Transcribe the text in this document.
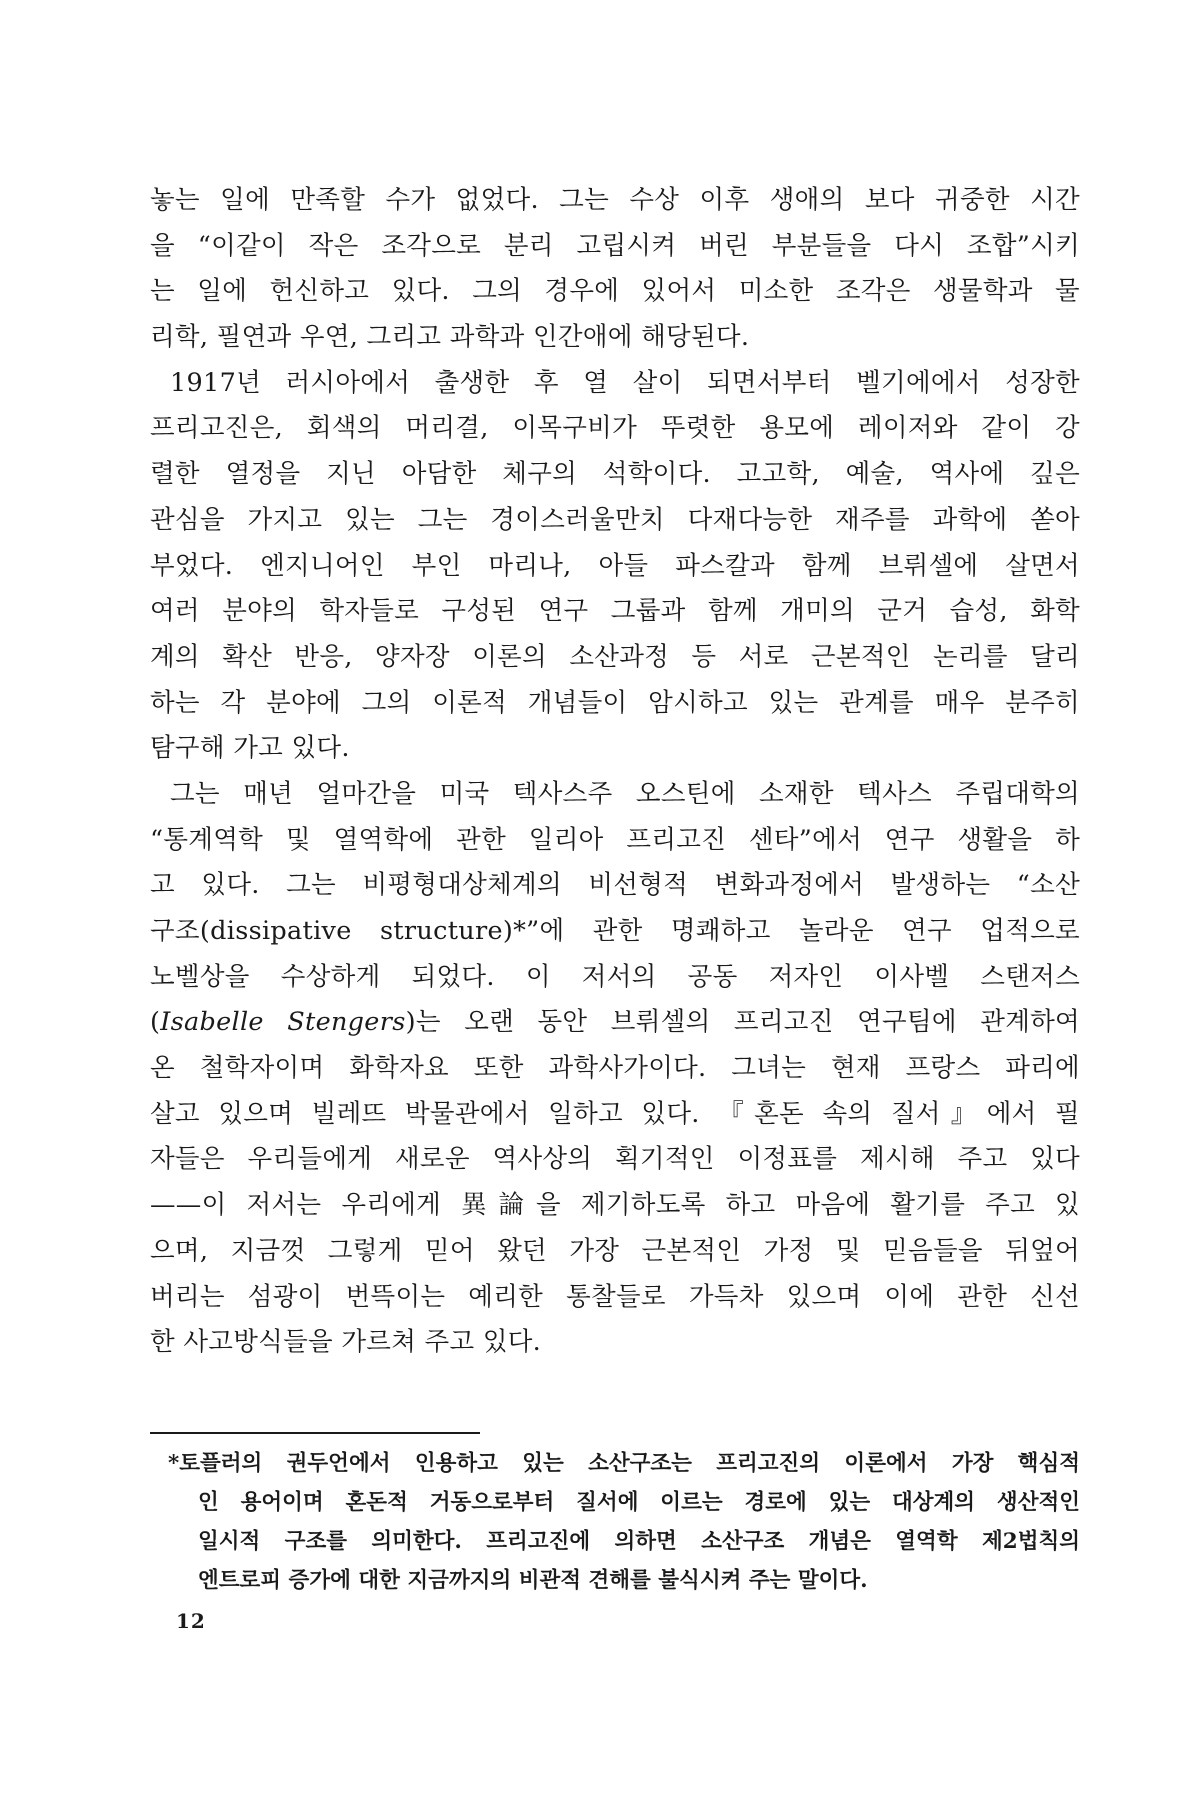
놓는 일에 만족할 수가 없었다. 그는 수상 이후 생애의 보다 귀중한 시간
을 “이같이 작은 조각으로 분리 고립시켜 버린 부분들을 다시 조합”시키
는 일에 헌신하고 있다. 그의 경우에 있어서 미소한 조각은 생물학과 물
리학, 필연과 우연, 그리고 과학과 인간애에 해당된다.
1917년 러시아에서 출생한 후 열 살이 되면서부터 벨기에에서 성장한
프리고진은, 회색의 머리결, 이목구비가 뚜렷한 용모에 레이저와 같이 강
렬한 열정을 지닌 아담한 체구의 석학이다. 고고학, 예술, 역사에 깊은
관심을 가지고 있는 그는 경이스러울만치 다재다능한 재주를 과학에 쏟아
부었다. 엔지니어인 부인 마리나, 아들 파스칼과 함께 브뤼셀에 살면서
여러 분야의 학자들로 구성된 연구 그룹과 함께 개미의 군거 습성, 화학
계의 확산 반응, 양자장 이론의 소산과정 등 서로 근본적인 논리를 달리
하는 각 분야에 그의 이론적 개념들이 암시하고 있는 관계를 매우 분주히
탐구해 가고 있다.
그는 매년 얼마간을 미국 텍사스주 오스틴에 소재한 텍사스 주립대학의
“통계역학 및 열역학에 관한 일리아 프리고진 센타”에서 연구 생활을 하
고 있다. 그는 비평형대상체계의 비선형적 변화과정에서 발생하는 “소산
구조(dissipative structure)*”에 관한 명쾌하고 놀라운 연구 업적으로
노벨상을 수상하게 되었다. 이 저서의 공동 저자인 이사벨 스탠저스
(Isabelle Stengers)는 오랜 동안 브뤼셀의 프리고진 연구팀에 관계하여
온 철학자이며 화학자요 또한 과학사가이다. 그녀는 현재 프랑스 파리에
살고 있으며 빌레뜨 박물관에서 일하고 있다. 『혼돈 속의 질서』에서 필
자들은 우리들에게 새로운 역사상의 획기적인 이정표를 제시해 주고 있다
——이 저서는 우리에게 異論을 제기하도록 하고 마음에 활기를 주고 있
으며, 지금껏 그렇게 믿어 왔던 가장 근본적인 가정 및 믿음들을 뒤엎어
버리는 섬광이 번뜩이는 예리한 통찰들로 가득차 있으며 이에 관한 신선
한 사고방식들을 가르쳐 주고 있다.
*토플러의 권두언에서 인용하고 있는 소산구조는 프리고진의 이론에서 가장 핵심적
인 용어이며 혼돈적 거동으로부터 질서에 이르는 경로에 있는 대상계의 생산적인
일시적 구조를 의미한다. 프리고진에 의하면 소산구조 개념은 열역학 제2법칙의
엔트로피 증가에 대한 지금까지의 비관적 견해를 불식시켜 주는 말이다.
12
